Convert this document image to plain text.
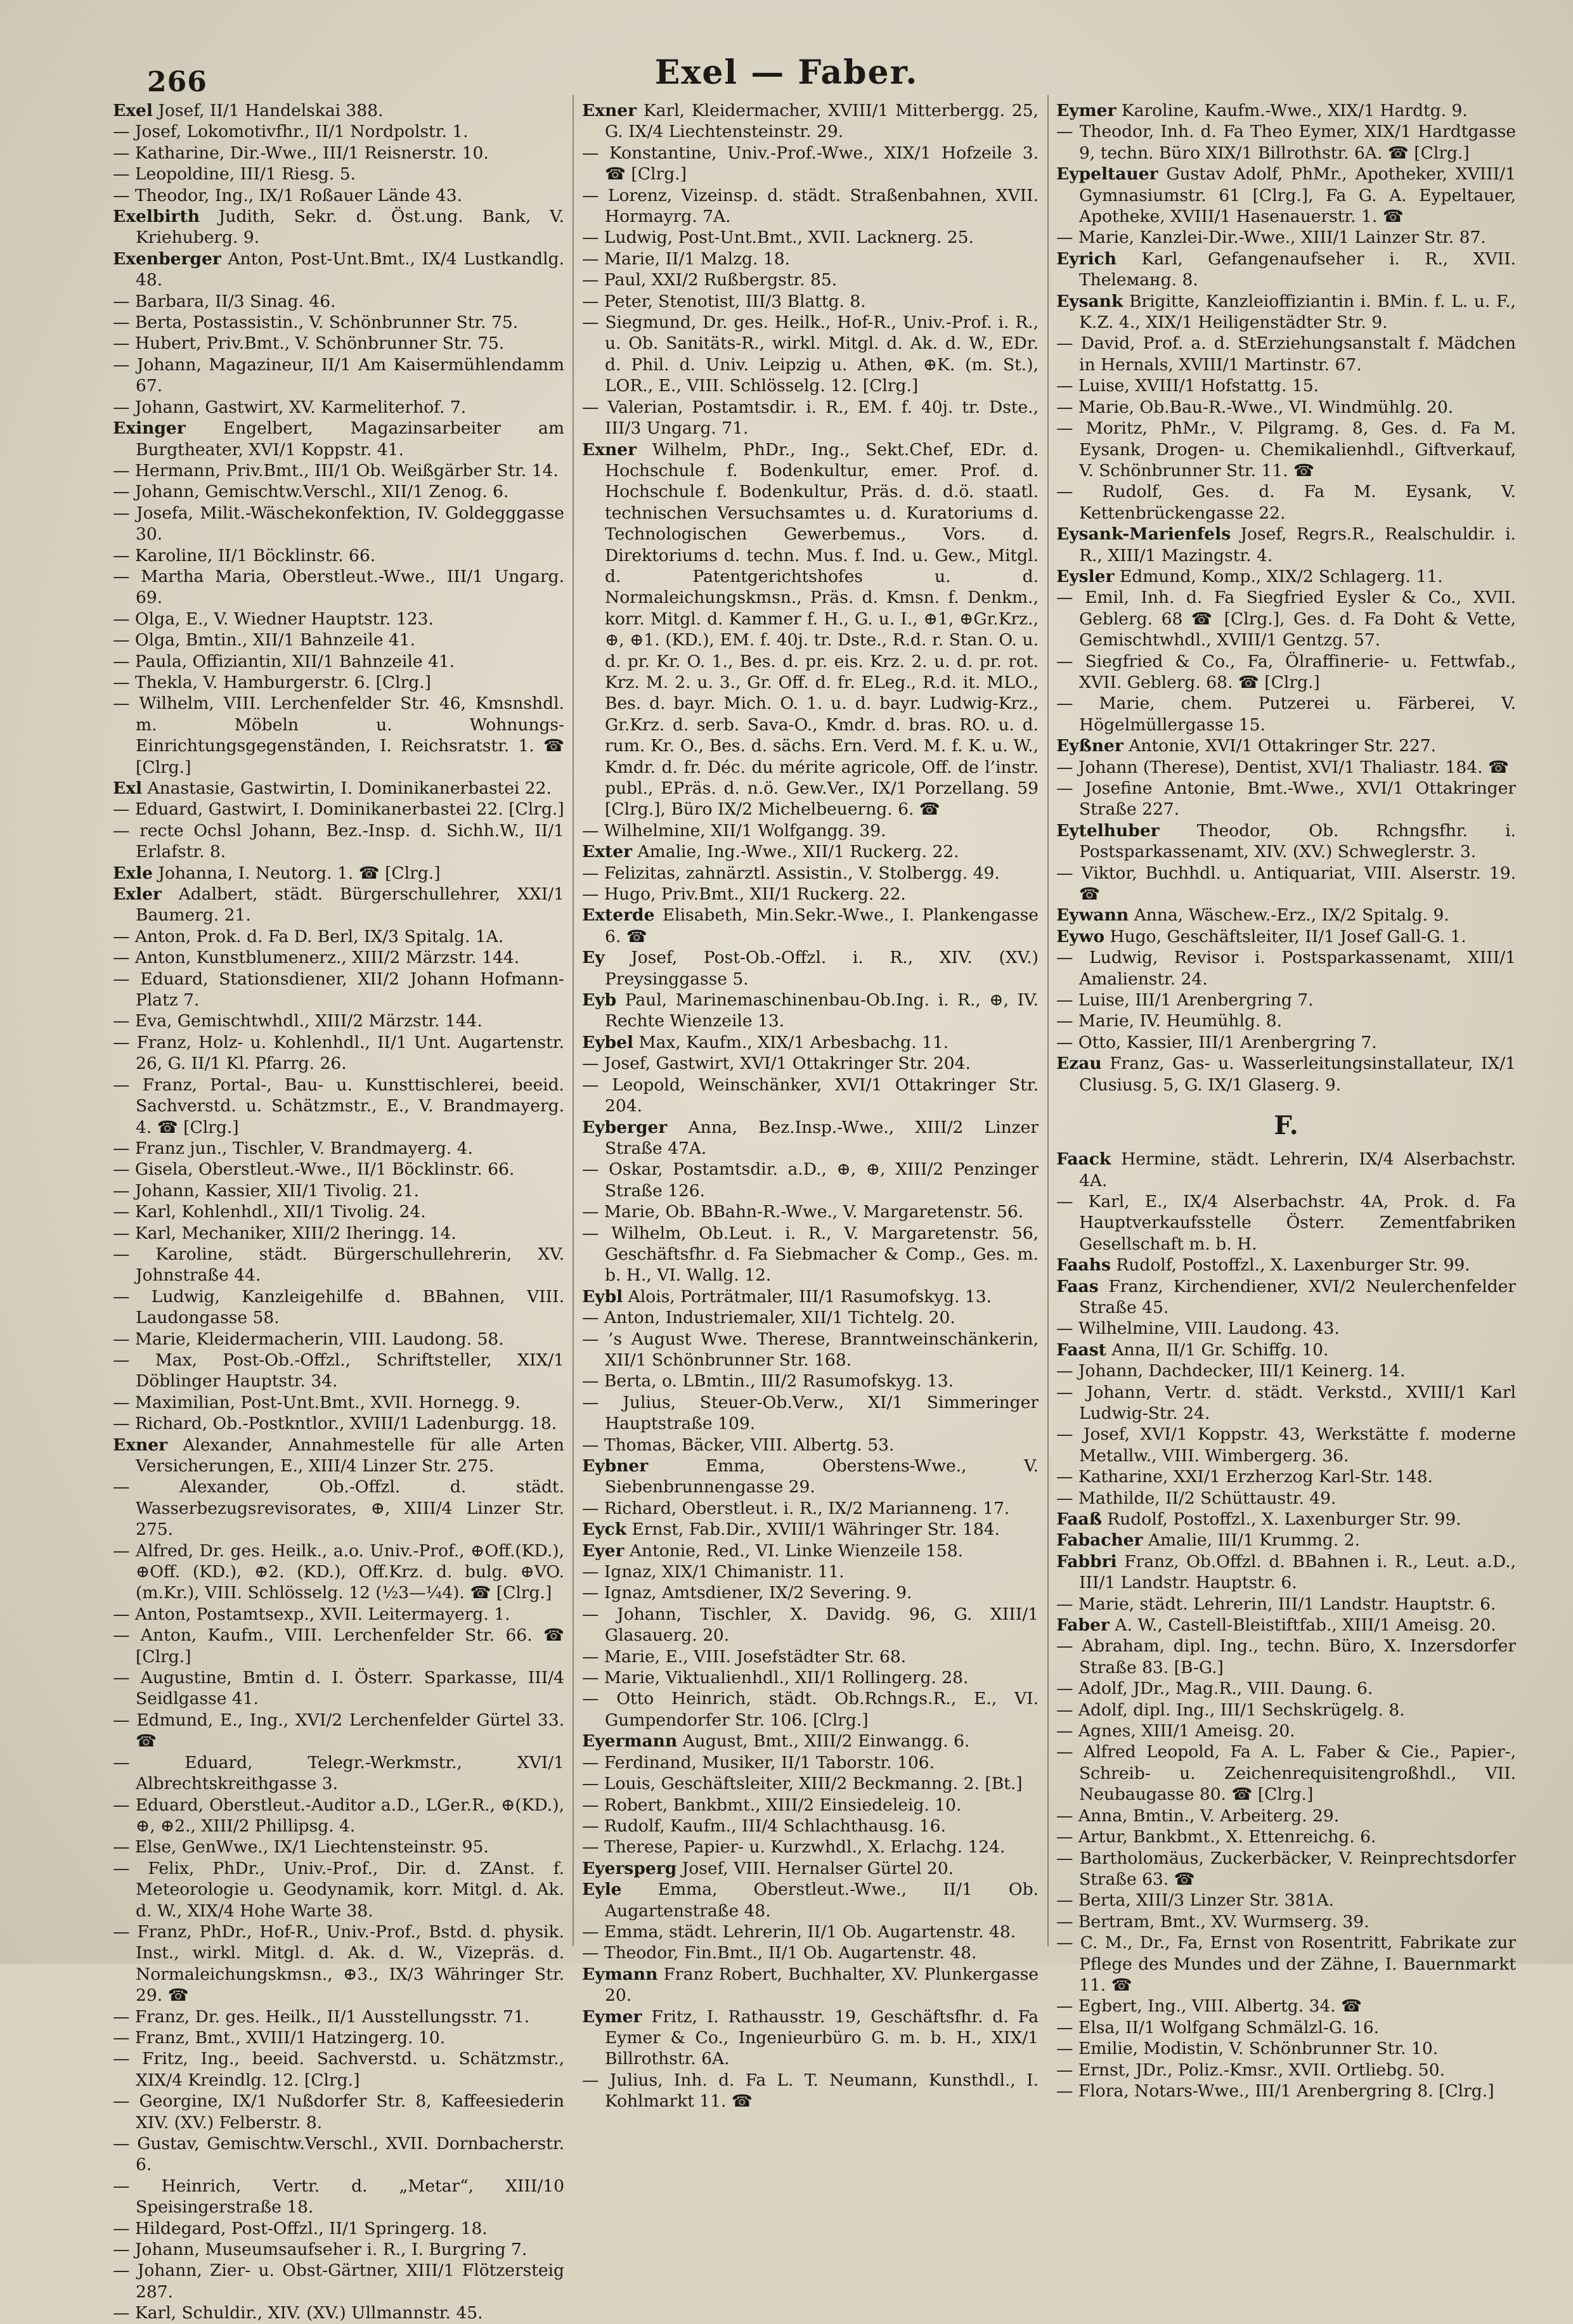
266	Exel — Faber.

Exel Josef, II/1 Handelskai 388.

— Josef, Lokomotivfhr., II/1 Nordpolstr. 1.

— Katharine, Dir.-Wwe., III/1 Reisnerstr. 10.

— Leopoldine, III/1 Riesg. 5.

— Theodor, Ing., IX/1 Roßauer Lände 43.

Exelbirth Judith, Sekr. d. Öst.ung. Bank, V. Kriehuberg. 9.

Exenberger Anton, Post-Unt.Bmt., IX/4 Lustkandlg. 48.

— Barbara, II/3 Sinag. 46.

— Berta, Postassistin., V. Schönbrunner Str. 75.

— Hubert, Priv.Bmt., V. Schönbrunner Str. 75.

— Johann, Magazineur, II/1 Am Kaisermühlendamm 67.

— Johann, Gastwirt, XV. Karmeliterhof. 7.

Exinger Engelbert, Magazinsarbeiter am Burgtheater, XVI/1 Koppstr. 41.

— Hermann, Priv.Bmt., III/1 Ob. Weißgärber Str. 14.

— Johann, Gemischtw.Verschl., XII/1 Zenog. 6.

— Josefa, Milit.-Wäschekonfektion, IV. Goldegggasse 30.

— Karoline, II/1 Böcklinstr. 66.

— Martha Maria, Oberstleut.-Wwe., III/1 Ungarg. 69.

— Olga, E., V. Wiedner Hauptstr. 123.

— Olga, Bmtin., XII/1 Bahnzeile 41.

— Paula, Offiziantin, XII/1 Bahnzeile 41.

— Thekla, V. Hamburgerstr. 6. [Clrg.]

— Wilhelm, VIII. Lerchenfelder Str. 46, Kmsnshdl. m. Möbeln u. Wohnungs-Einrichtungsgegenständen, I. Reichsratstr. 1. ☎ [Clrg.]

Exl Anastasie, Gastwirtin, I. Dominikanerbastei 22.

— Eduard, Gastwirt, I. Dominikanerbastei 22. [Clrg.]

— recte Ochsl Johann, Bez.-Insp. d. Sichh.W., II/1 Erlafstr. 8.

Exle Johanna, I. Neutorg. 1. ☎ [Clrg.]

Exler Adalbert, städt. Bürgerschullehrer, XXI/1 Baumerg. 21.

— Anton, Prok. d. Fa D. Berl, IX/3 Spitalg. 1A.

— Anton, Kunstblumenerz., XIII/2 Märzstr. 144.

— Eduard, Stationsdiener, XII/2 Johann Hofmann-Platz 7.

— Eva, Gemischtwhdl., XIII/2 Märzstr. 144.

— Franz, Holz- u. Kohlenhdl., II/1 Unt. Augartenstr. 26, G. II/1 Kl. Pfarrg. 26.

— Franz, Portal-, Bau- u. Kunsttischlerei, beeid. Sachverstd. u. Schätzmstr., E., V. Brandmayerg. 4. ☎ [Clrg.]

— Franz jun., Tischler, V. Brandmayerg. 4.

— Gisela, Oberstleut.-Wwe., II/1 Böcklinstr. 66.

— Johann, Kassier, XII/1 Tivolig. 21.

— Karl, Kohlenhdl., XII/1 Tivolig. 24.

— Karl, Mechaniker, XIII/2 Iheringg. 14.

— Karoline, städt. Bürgerschullehrerin, XV. Johnstraße 44.

— Ludwig, Kanzleigehilfe d. BBahnen, VIII. Laudongasse 58.

— Marie, Kleidermacherin, VIII. Laudong. 58.

— Max, Post-Ob.-Offzl., Schriftsteller, XIX/1 Döblinger Hauptstr. 34.

— Maximilian, Post-Unt.Bmt., XVII. Hornegg. 9.

— Richard, Ob.-Postkntlor., XVIII/1 Ladenburgg. 18.

Exner Alexander, Annahmestelle für alle Arten Versicherungen, E., XIII/4 Linzer Str. 275.

— Alexander, Ob.-Offzl. d. städt. Wasserbezugsrevisorates, ⊕, XIII/4 Linzer Str. 275.

— Alfred, Dr. ges. Heilk., a.o. Univ.-Prof., ⊕Off.(KD.), ⊕Off. (KD.), ⊕2. (KD.), Off.Krz. d. bulg. ⊕VO. (m.Kr.), VIII. Schlösselg. 12 (½3—¼4). ☎ [Clrg.]

— Anton, Postamtsexp., XVII. Leitermayerg. 1.

— Anton, Kaufm., VIII. Lerchenfelder Str. 66. ☎ [Clrg.]

— Augustine, Bmtin d. I. Österr. Sparkasse, III/4 Seidlgasse 41.

— Edmund, E., Ing., XVI/2 Lerchenfelder Gürtel 33. ☎

— Eduard, Telegr.-Werkmstr., XVI/1 Albrechtskreithgasse 3.

— Eduard, Oberstleut.-Auditor a.D., LGer.R., ⊕(KD.), ⊕, ⊕2., XIII/2 Phillipsg. 4.

— Else, GenWwe., IX/1 Liechtensteinstr. 95.

— Felix, PhDr., Univ.-Prof., Dir. d. ZAnst. f. Meteorologie u. Geodynamik, korr. Mitgl. d. Ak. d. W., XIX/4 Hohe Warte 38.

— Franz, PhDr., Hof-R., Univ.-Prof., Bstd. d. physik. Inst., wirkl. Mitgl. d. Ak. d. W., Vizepräs. d. Normaleichungskmsn., ⊕3., IX/3 Währinger Str. 29. ☎

— Franz, Dr. ges. Heilk., II/1 Ausstellungsstr. 71.

— Franz, Bmt., XVIII/1 Hatzingerg. 10.

— Fritz, Ing., beeid. Sachverstd. u. Schätzmstr., XIX/4 Kreindlg. 12. [Clrg.]

— Georgine, IX/1 Nußdorfer Str. 8, Kaffeesiederin XIV. (XV.) Felberstr. 8.

— Gustav, Gemischtw.Verschl., XVII. Dornbacherstr. 6.

— Heinrich, Vertr. d. „Metar“, XIII/10 Speisingerstraße 18.

— Hildegard, Post-Offzl., II/1 Springerg. 18.

— Johann, Museumsaufseher i. R., I. Burgring 7.

— Johann, Zier- u. Obst-Gärtner, XIII/1 Flötzersteig 287.

— Karl, Schuldir., XIV. (XV.) Ullmannstr. 45.

Exner Karl, Kleidermacher, XVIII/1 Mitterbergg. 25, G. IX/4 Liechtensteinstr. 29.

— Konstantine, Univ.-Prof.-Wwe., XIX/1 Hofzeile 3. ☎ [Clrg.]

— Lorenz, Vizeinsp. d. städt. Straßenbahnen, XVII. Hormayrg. 7A.

— Ludwig, Post-Unt.Bmt., XVII. Lacknerg. 25.

— Marie, II/1 Malzg. 18.

— Paul, XXI/2 Rußbergstr. 85.

— Peter, Stenotist, III/3 Blattg. 8.

— Siegmund, Dr. ges. Heilk., Hof-R., Univ.-Prof. i. R., u. Ob. Sanitäts-R., wirkl. Mitgl. d. Ak. d. W., EDr. d. Phil. d. Univ. Leipzig u. Athen, ⊕K. (m. St.), LOR., E., VIII. Schlösselg. 12. [Clrg.]

— Valerian, Postamtsdir. i. R., EM. f. 40j. tr. Dste., III/3 Ungarg. 71.

Exner Wilhelm, PhDr., Ing., Sekt.Chef, EDr. d. Hochschule f. Bodenkultur, emer. Prof. d. Hochschule f. Bodenkultur, Präs. d. d.ö. staatl. technischen Versuchsamtes u. d. Kuratoriums d. Technologischen Gewerbemus., Vors. d. Direktoriums d. techn. Mus. f. Ind. u. Gew., Mitgl. d. Patentgerichtshofes u. d. Normaleichungskmsn., Präs. d. Kmsn. f. Denkm., korr. Mitgl. d. Kammer f. H., G. u. I., ⊕1, ⊕Gr.Krz., ⊕, ⊕1. (KD.), EM. f. 40j. tr. Dste., R.d. r. Stan. O. u. d. pr. Kr. O. 1., Bes. d. pr. eis. Krz. 2. u. d. pr. rot. Krz. M. 2. u. 3., Gr. Off. d. fr. ELeg., R.d. it. MLO., Bes. d. bayr. Mich. O. 1. u. d. bayr. Ludwig-Krz., Gr.Krz. d. serb. Sava-O., Kmdr. d. bras. RO. u. d. rum. Kr. O., Bes. d. sächs. Ern. Verd. M. f. K. u. W., Kmdr. d. fr. Déc. du mérite agricole, Off. de l’instr. publ., EPräs. d. n.ö. Gew.Ver., IX/1 Porzellang. 59 [Clrg.], Büro IX/2 Michelbeuerng. 6. ☎

— Wilhelmine, XII/1 Wolfgangg. 39.

Exter Amalie, Ing.-Wwe., XII/1 Ruckerg. 22.

— Felizitas, zahnärztl. Assistin., V. Stolbergg. 49.

— Hugo, Priv.Bmt., XII/1 Ruckerg. 22.

Exterde Elisabeth, Min.Sekr.-Wwe., I. Plankengasse 6. ☎

Ey Josef, Post-Ob.-Offzl. i. R., XIV. (XV.) Preysinggasse 5.

Eyb Paul, Marinemaschinenbau-Ob.Ing. i. R., ⊕, IV. Rechte Wienzeile 13.

Eybel Max, Kaufm., XIX/1 Arbesbachg. 11.

— Josef, Gastwirt, XVI/1 Ottakringer Str. 204.

— Leopold, Weinschänker, XVI/1 Ottakringer Str. 204.

Eyberger Anna, Bez.Insp.-Wwe., XIII/2 Linzer Straße 47A.

— Oskar, Postamtsdir. a.D., ⊕, ⊕, XIII/2 Penzinger Straße 126.

— Marie, Ob. BBahn-R.-Wwe., V. Margaretenstr. 56.

— Wilhelm, Ob.Leut. i. R., V. Margaretenstr. 56, Geschäftsfhr. d. Fa Siebmacher & Comp., Ges. m. b. H., VI. Wallg. 12.

Eybl Alois, Porträtmaler, III/1 Rasumofskyg. 13.

— Anton, Industriemaler, XII/1 Tichtelg. 20.

— ’s August Wwe. Therese, Branntweinschänkerin, XII/1 Schönbrunner Str. 168.

— Berta, o. LBmtin., III/2 Rasumofskyg. 13.

— Julius, Steuer-Ob.Verw., XI/1 Simmeringer Hauptstraße 109.

— Thomas, Bäcker, VIII. Albertg. 53.

Eybner	Emma, Oberstens-Wwe., V. Siebenbrunnengasse 29.

— Richard, Oberstleut. i. R., IX/2 Marianneng. 17.

Eyck Ernst, Fab.Dir., XVIII/1 Währinger Str. 184.

Eyer Antonie, Red., VI. Linke Wienzeile 158.

— Ignaz, XIX/1 Chimanistr. 11.

— Ignaz, Amtsdiener, IX/2 Severing. 9.

— Johann, Tischler, X. Davidg. 96, G. XIII/1 Glasauerg. 20.

— Marie, E., VIII. Josefstädter Str. 68.

— Marie, Viktualienhdl., XII/1 Rollingerg. 28.

— Otto Heinrich, städt. Ob.Rchngs.R., E., VI. Gumpendorfer Str. 106. [Clrg.]

Eyermann August, Bmt., XIII/2 Einwangg. 6.

— Ferdinand, Musiker, II/1 Taborstr. 106.

— Louis, Geschäftsleiter, XIII/2 Beckmanng. 2. [Bt.]

— Robert, Bankbmt., XIII/2 Einsiedeleig. 10.

— Rudolf, Kaufm., III/4 Schlachthausg. 16.

— Therese, Papier- u. Kurzwhdl., X. Erlachg. 124.

Eyersperg Josef, VIII. Hernalser Gürtel 20.

Eyle Emma, Oberstleut.-Wwe., II/1 Ob. Augartenstraße 48.

— Emma, städt. Lehrerin, II/1 Ob. Augartenstr. 48.

— Theodor, Fin.Bmt., II/1 Ob. Augartenstr. 48.

Eymann Franz Robert, Buchhalter, XV. Plunkergasse 20.

Eymer Fritz, I. Rathausstr. 19, Geschäftsfhr. d. Fa Eymer & Co., Ingenieurbüro G. m. b. H., XIX/1 Billrothstr. 6A.

— Julius, Inh. d. Fa L. T. Neumann, Kunsthdl., I. Kohlmarkt 11. ☎

Eymer Karoline, Kaufm.-Wwe., XIX/1 Hardtg. 9.

— Theodor, Inh. d. Fa Theo Eymer, XIX/1 Hardtgasse 9, techn. Büro XIX/1 Billrothstr. 6A. ☎ [Clrg.]

Eypeltauer Gustav Adolf, PhMr., Apotheker, XVIII/1 Gymnasiumstr. 61 [Clrg.], Fa G. A. Eypeltauer, Apotheke, XVIII/1 Hasenauerstr. 1. ☎

— Marie, Kanzlei-Dir.-Wwe., XIII/1 Lainzer Str. 87.

Eyrich Karl, Gefangenaufseher i. R., XVII. Theleманg. 8.

Eysank Brigitte, Kanzleioffiziantin i. BMin. f. L. u. F., K.Z. 4., XIX/1 Heiligenstädter Str. 9.

— David, Prof. a. d. StErziehungsanstalt f. Mädchen in Hernals, XVIII/1 Martinstr. 67.

— Luise, XVIII/1 Hofstattg. 15.

— Marie, Ob.Bau-R.-Wwe., VI. Windmühlg. 20.

— Moritz, PhMr., V. Pilgramg. 8, Ges. d. Fa M. Eysank, Drogen- u. Chemikalienhdl., Giftverkauf, V. Schönbrunner Str. 11. ☎

— Rudolf, Ges. d. Fa M. Eysank, V. Kettenbrückengasse 22.

Eysank-Marienfels Josef, Regrs.R., Realschuldir. i. R., XIII/1 Mazingstr. 4.

Eysler Edmund, Komp., XIX/2 Schlagerg. 11.

— Emil, Inh. d. Fa Siegfried Eysler & Co., XVII. Geblerg. 68 ☎ [Clrg.], Ges. d. Fa Doht & Vette, Gemischtwhdl., XVIII/1 Gentzg. 57.

— Siegfried & Co., Fa, Ölraffinerie- u. Fettwfab., XVII. Geblerg. 68. ☎ [Clrg.]

— Marie, chem. Putzerei u. Färberei, V. Högelmüllergasse 15.

Eyßner Antonie, XVI/1 Ottakringer Str. 227.

— Johann (Therese), Dentist, XVI/1 Thaliastr. 184. ☎

— Josefine Antonie, Bmt.-Wwe., XVI/1 Ottakringer Straße 227.

Eytelhuber Theodor, Ob. Rchngsfhr. i. Postsparkassenamt, XIV. (XV.) Schweglerstr. 3.

— Viktor, Buchhdl. u. Antiquariat, VIII. Alserstr. 19. ☎

Eywann Anna, Wäschew.-Erz., IX/2 Spitalg. 9.

Eywo Hugo, Geschäftsleiter, II/1 Josef Gall-G. 1.

— Ludwig, Revisor i. Postsparkassenamt, XIII/1 Amalienstr. 24.

— Luise, III/1 Arenbergring 7.

— Marie, IV. Heumühlg. 8.

— Otto, Kassier, III/1 Arenbergring 7.

Ezau Franz, Gas- u. Wasserleitungsinstallateur, IX/1 Clusiusg. 5, G. IX/1 Glaserg. 9.

F.

Faack Hermine, städt. Lehrerin, IX/4 Alserbachstr. 4A.

— Karl, E., IX/4 Alserbachstr. 4A, Prok. d. Fa Hauptverkaufsstelle Österr. Zementfabriken Gesellschaft m. b. H.

Faahs Rudolf, Postoffzl., X. Laxenburger Str. 99.

Faas Franz, Kirchendiener, XVI/2 Neulerchenfelder Straße 45.

— Wilhelmine, VIII. Laudong. 43.

Faast Anna, II/1 Gr. Schiffg. 10.

— Johann, Dachdecker, III/1 Keinerg. 14.

— Johann, Vertr. d. städt. Verkstd., XVIII/1 Karl Ludwig-Str. 24.

— Josef, XVI/1 Koppstr. 43, Werkstätte f. moderne Metallw., VIII. Wimbergerg. 36.

— Katharine, XXI/1 Erzherzog Karl-Str. 148.

— Mathilde, II/2 Schüttaustr. 49.

Faaß Rudolf, Postoffzl., X. Laxenburger Str. 99.

Fabacher Amalie, III/1 Krummg. 2.

Fabbri Franz, Ob.Offzl. d. BBahnen i. R., Leut. a.D., III/1 Landstr. Hauptstr. 6.

— Marie, städt. Lehrerin, III/1 Landstr. Hauptstr. 6.

Faber A. W., Castell-Bleistiftfab., XIII/1 Ameisg. 20.

— Abraham, dipl. Ing., techn. Büro, X. Inzersdorfer Straße 83. [B-G.]

— Adolf, JDr., Mag.R., VIII. Daung. 6.

— Adolf, dipl. Ing., III/1 Sechskrügelg. 8.

— Agnes, XIII/1 Ameisg. 20.

— Alfred Leopold, Fa A. L. Faber & Cie., Papier-, Schreib- u. Zeichenrequisitengroßhdl., VII. Neubaugasse 80. ☎ [Clrg.]

— Anna, Bmtin., V. Arbeiterg. 29.

— Artur, Bankbmt., X. Ettenreichg. 6.

— Bartholomäus, Zuckerbäcker, V. Reinprechtsdorfer Straße 63. ☎

— Berta, XIII/3 Linzer Str. 381A.

— Bertram, Bmt., XV. Wurmserg. 39.

— C. M., Dr., Fa, Ernst von Rosentritt, Fabrikate zur Pflege des Mundes und der Zähne, I. Bauernmarkt 11. ☎

— Egbert, Ing., VIII. Albertg. 34. ☎

— Elsa, II/1 Wolfgang Schmälzl-G. 16.

— Emilie, Modistin, V. Schönbrunner Str. 10.

— Ernst, JDr., Poliz.-Kmsr., XVII. Ortliebg. 50.

— Flora, Notars-Wwe., III/1 Arenbergring 8. [Clrg.]
